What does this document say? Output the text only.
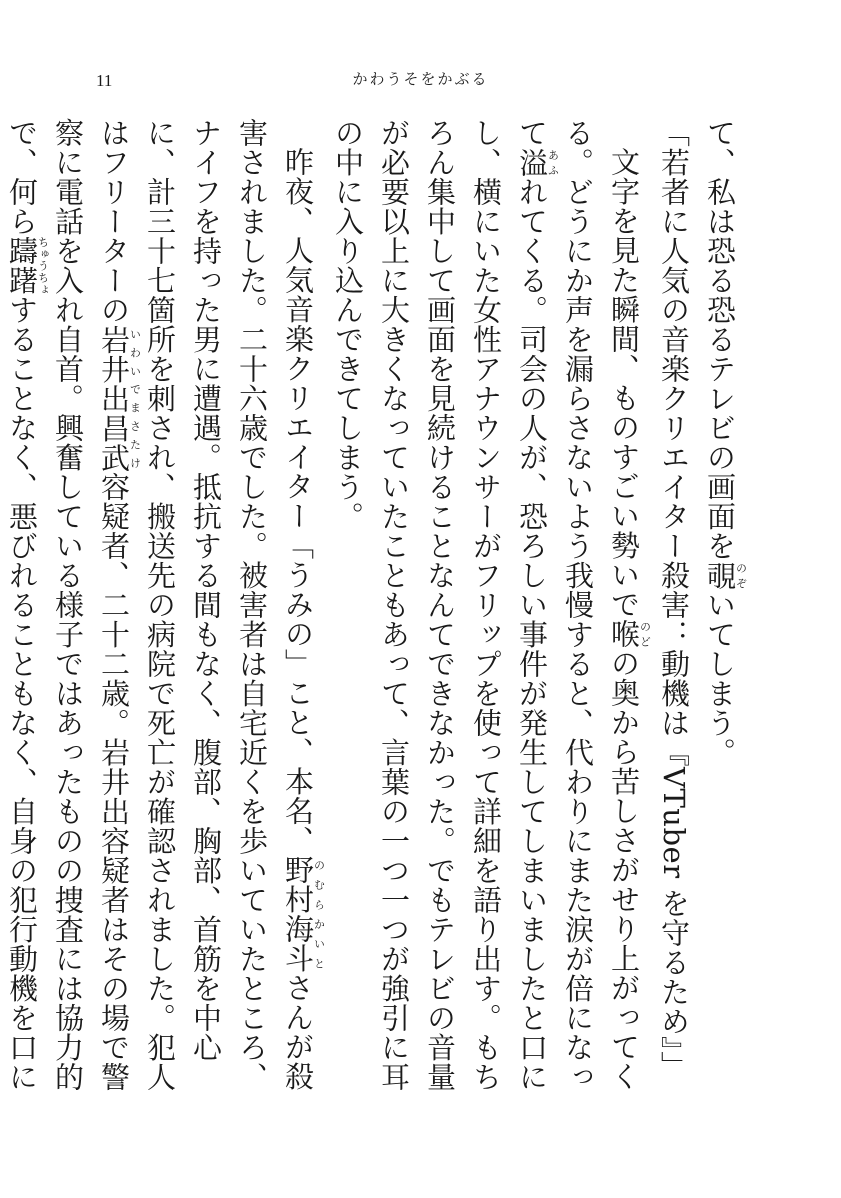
11	かわうそをかぶる

て、私は恐る恐るテレビの画面を覗のぞいてしまう。

「若者に人気の音楽クリエイター殺害：動機は『VTuber を守るため』」

文字を見た瞬間、ものすごい勢いで喉のどの奥から苦しさがせり上がってくる。どうにか声を漏らさないよう我慢すると、代わりにまた涙が倍になって溢あふれてくる。司会の人が、恐ろしい事件が発生してしまいましたと口にし、横にいた女性アナウンサーがフリップを使って詳細を語り出す。もちろん集中して画面を見続けることなんてできなかった。でもテレビの音量が必要以上に大きくなっていたこともあって、言葉の一つ一つが強引に耳の中に入り込んできてしまう。

昨夜、人気音楽クリエイター「うみの」こと、本名、野村海斗のむらかいとさんが殺害されました。二十六歳でした。被害者は自宅近くを歩いていたところ、ナイフを持った男に遭遇。抵抗する間もなく、腹部、胸部、首筋を中心に、計三十七箇所を刺され、搬送先の病院で死亡が確認されました。犯人はフリーターの岩井出昌武いわいでまさたけ容疑者、二十二歳。岩井出容疑者はその場で警察に電話を入れ自首。興奮している様子ではあったものの捜査には協力的で、何ら躊躇ちゅうちょすることなく、悪びれることもなく、自身の犯行動機を口に
